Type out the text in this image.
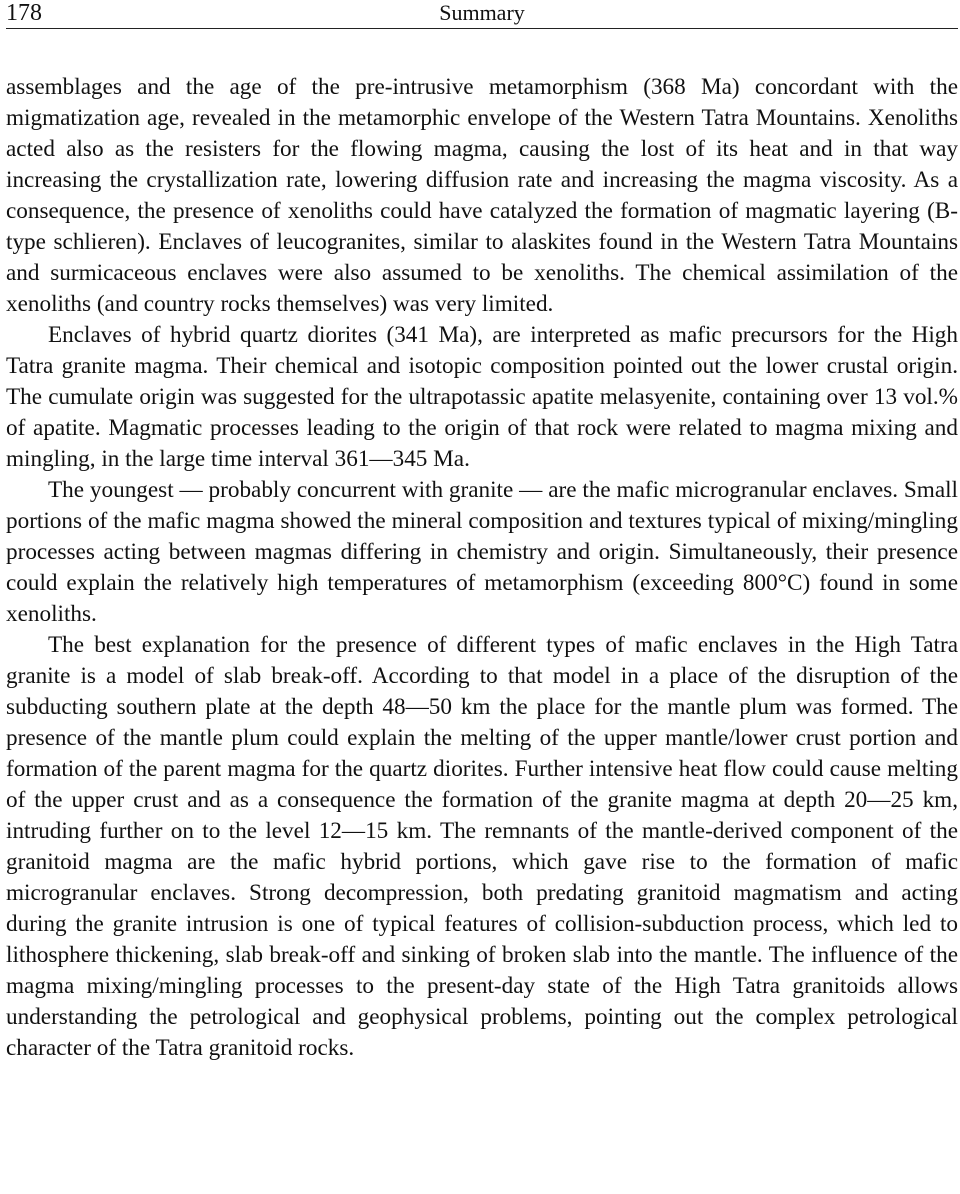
178	Summary

assemblages and the age of the pre-intrusive metamorphism (368 Ma) concordant with the migmatization age, revealed in the metamorphic envelope of the Western Tatra Mountains. Xenoliths acted also as the resisters for the flowing magma, causing the lost of its heat and in that way increasing the crystallization rate, lowering diffusion rate and increasing the magma viscosity. As a consequence, the presence of xenoliths could have catalyzed the formation of magmatic layering (B-type schlieren). Enclaves of leucogranites, similar to alaskites found in the Western Tatra Mountains and surmicaceous enclaves were also assumed to be xenoliths. The chemical assimilation of the xenoliths (and country rocks themselves) was very limited.

Enclaves of hybrid quartz diorites (341 Ma), are interpreted as mafic precursors for the High Tatra granite magma. Their chemical and isotopic composition pointed out the lower crustal origin. The cumulate origin was suggested for the ultrapotassic apatite melasyenite, containing over 13 vol.% of apatite. Magmatic processes leading to the origin of that rock were related to magma mixing and mingling, in the large time interval 361—345 Ma.

The youngest — probably concurrent with granite — are the mafic microgranular enclaves. Small portions of the mafic magma showed the mineral composition and textures typical of mixing/mingling processes acting between magmas differing in chemistry and origin. Simultaneously, their presence could explain the relatively high temperatures of metamorphism (exceeding 800°C) found in some xenoliths.

The best explanation for the presence of different types of mafic enclaves in the High Tatra granite is a model of slab break-off. According to that model in a place of the disruption of the subducting southern plate at the depth 48—50 km the place for the mantle plum was formed. The presence of the mantle plum could explain the melting of the upper mantle/lower crust portion and formation of the parent magma for the quartz diorites. Further intensive heat flow could cause melting of the upper crust and as a consequence the formation of the granite magma at depth 20—25 km, intruding further on to the level 12—15 km. The remnants of the mantle-derived component of the granitoid magma are the mafic hybrid portions, which gave rise to the formation of mafic microgranular enclaves. Strong decompression, both predating granitoid magmatism and acting during the granite intrusion is one of typical features of collision-subduction process, which led to lithosphere thickening, slab break-off and sinking of broken slab into the mantle. The influence of the magma mixing/mingling processes to the present-day state of the High Tatra granitoids allows understanding the petrological and geophysical problems, pointing out the complex petrological character of the Tatra granitoid rocks.
